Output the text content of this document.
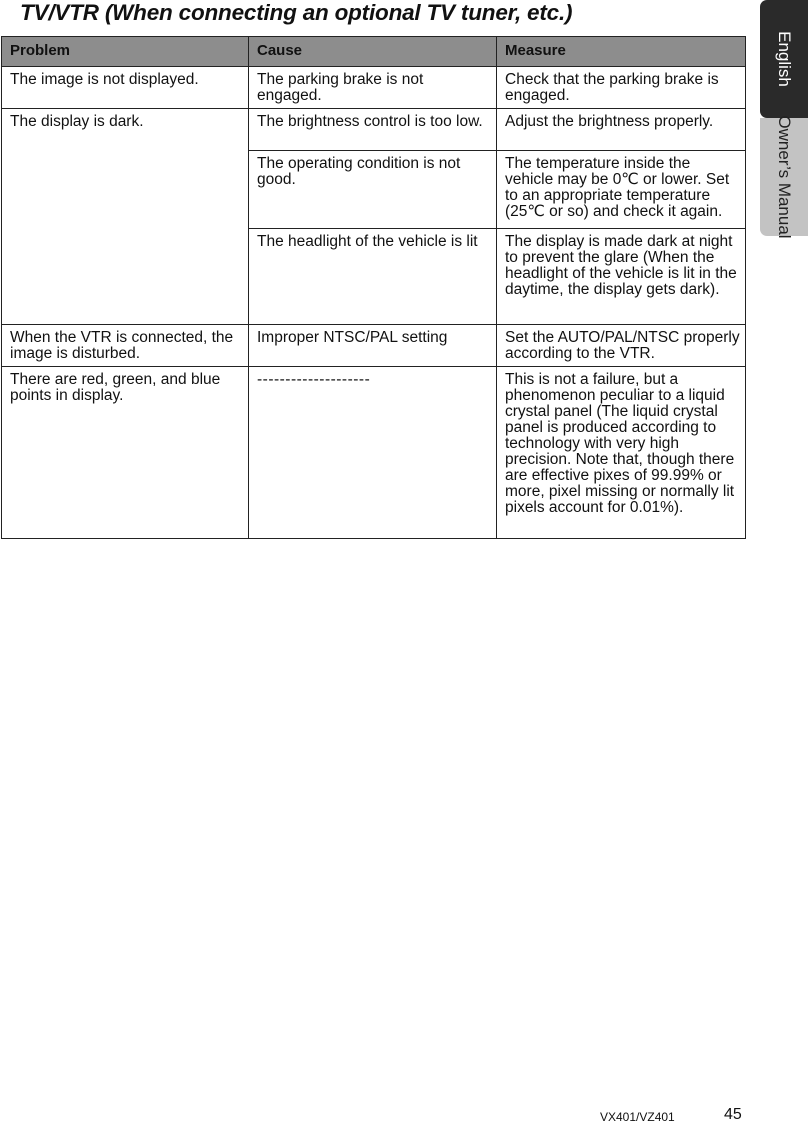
TV/VTR (When connecting an optional TV tuner, etc.)
English
Owner’s Manual
Problem	Cause	Measure
The image is not displayed.	The parking brake is not engaged.	Check that the parking brake is engaged.
The display is dark.	The brightness control is too low.	Adjust the brightness properly.
	The operating condition is not good.	The temperature inside the vehicle may be 0℃ or lower. Set to an appropriate temperature (25℃ or so) and check it again.
	The headlight of the vehicle is lit	The display is made dark at night to prevent the glare (When the headlight of the vehicle is lit in the daytime, the display gets dark).
When the VTR is connected, the image is disturbed.	Improper NTSC/PAL setting	Set the AUTO/PAL/NTSC properly according to the VTR.
There are red, green, and blue points in display.	--------------------	This is not a failure, but a phenomenon peculiar to a liquid crystal panel (The liquid crystal panel is produced according to technology with very high precision. Note that, though there are effective pixes of 99.99% or more, pixel missing or normally lit pixels account for 0.01%).
VX401/VZ401	45
